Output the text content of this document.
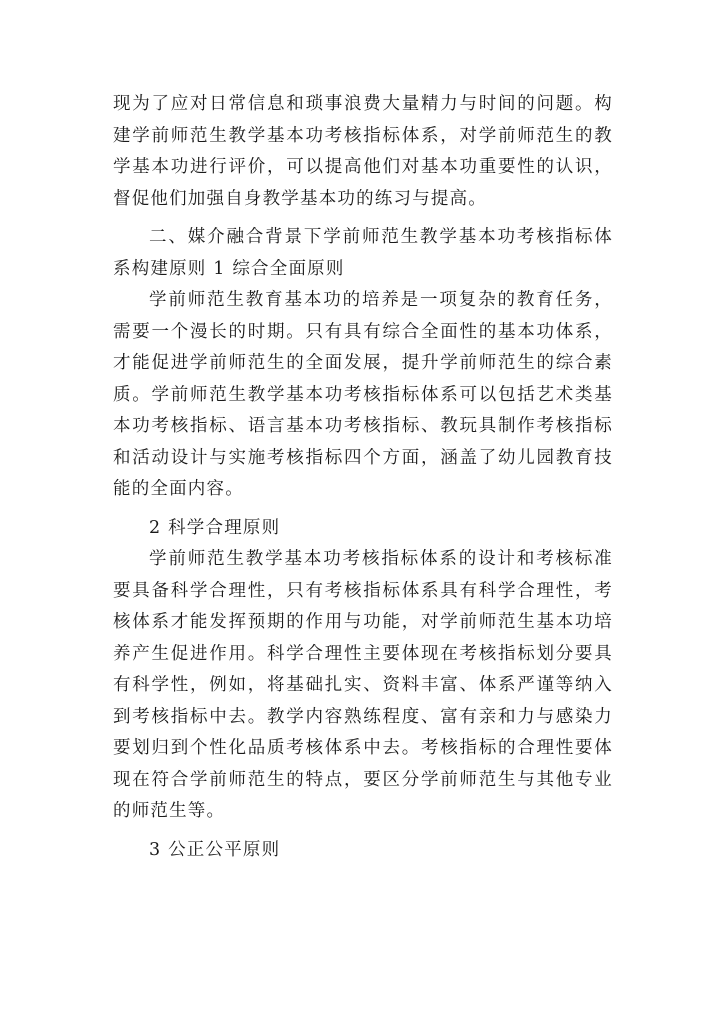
现为了应对日常信息和琐事浪费大量精力与时间的问题。构建学前师范生教学基本功考核指标体系，对学前师范生的教学基本功进行评价，可以提高他们对基本功重要性的认识，督促他们加强自身教学基本功的练习与提高。

二、媒介融合背景下学前师范生教学基本功考核指标体系构建原则 1 综合全面原则

学前师范生教育基本功的培养是一项复杂的教育任务，需要一个漫长的时期。只有具有综合全面性的基本功体系，才能促进学前师范生的全面发展，提升学前师范生的综合素质。学前师范生教学基本功考核指标体系可以包括艺术类基本功考核指标、语言基本功考核指标、教玩具制作考核指标和活动设计与实施考核指标四个方面，涵盖了幼儿园教育技能的全面内容。

2 科学合理原则

学前师范生教学基本功考核指标体系的设计和考核标准要具备科学合理性，只有考核指标体系具有科学合理性，考核体系才能发挥预期的作用与功能，对学前师范生基本功培养产生促进作用。科学合理性主要体现在考核指标划分要具有科学性，例如，将基础扎实、资料丰富、体系严谨等纳入到考核指标中去。教学内容熟练程度、富有亲和力与感染力要划归到个性化品质考核体系中去。考核指标的合理性要体现在符合学前师范生的特点，要区分学前师范生与其他专业的师范生等。

3 公正公平原则
